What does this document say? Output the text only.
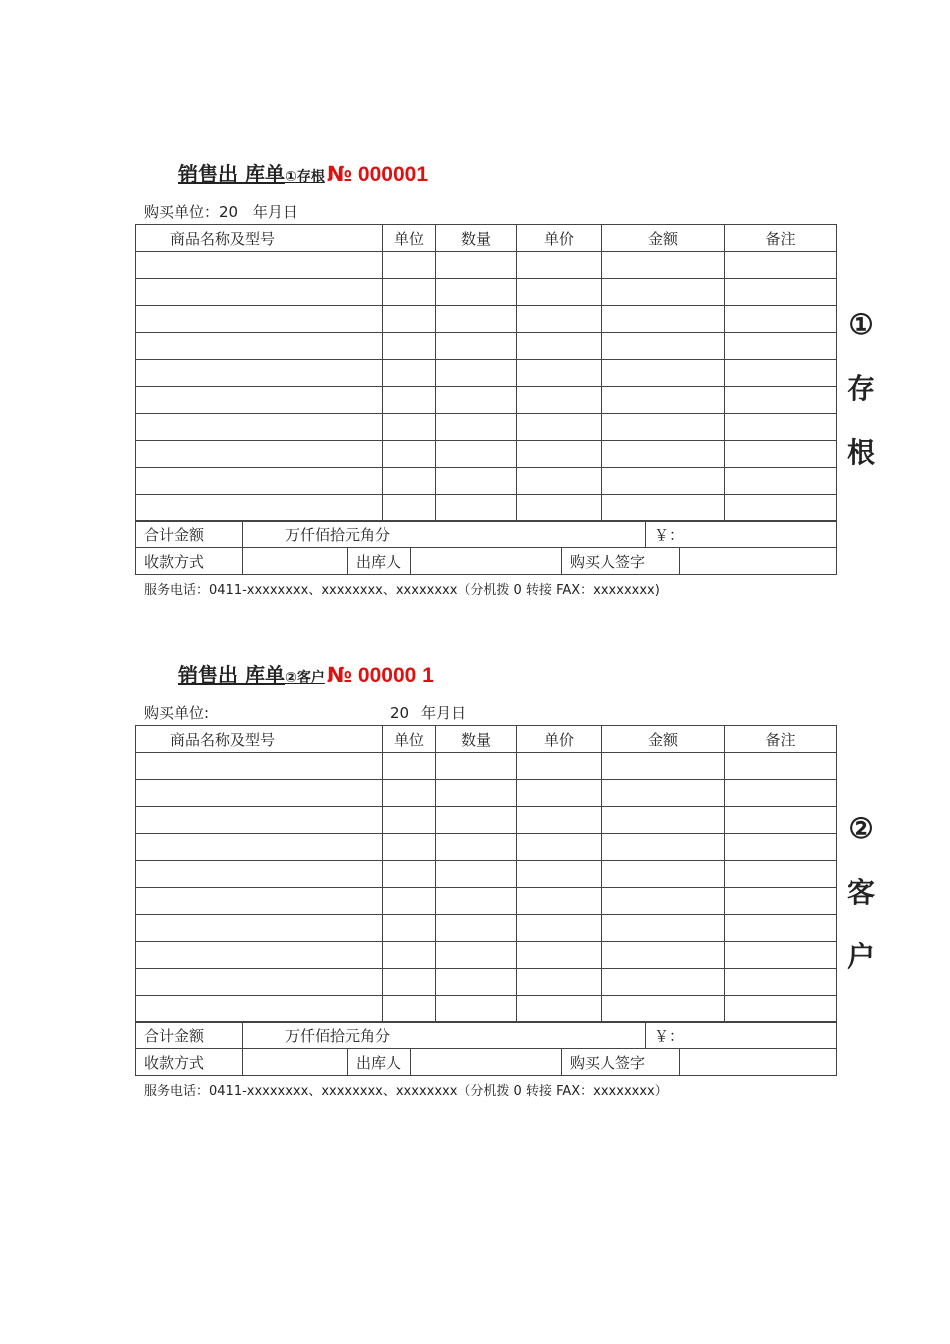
销售出 库单①存根№ 000001
购买单位：20 年月日
商品名称及型号	单位	数量	单价	金额	备注

合计金额	万仟佰拾元角分				￥：	
收款方式		出库人		购买人签字		
服务电话：0411-xxxxxxxx、xxxxxxxx、xxxxxxxx（分机拨 0 转接 FAX：xxxxxxxx)
①
存
根
销售出 库单②客户№ 00000 1
购买单位:	20 年月日
商品名称及型号	单位	数量	单价	金额	备注

合计金额	万仟佰拾元角分				￥：	
收款方式		出库人		购买人签字		
服务电话：0411-xxxxxxxx、xxxxxxxx、xxxxxxxx（分机拨 0 转接 FAX：xxxxxxxx）
②
客
户
